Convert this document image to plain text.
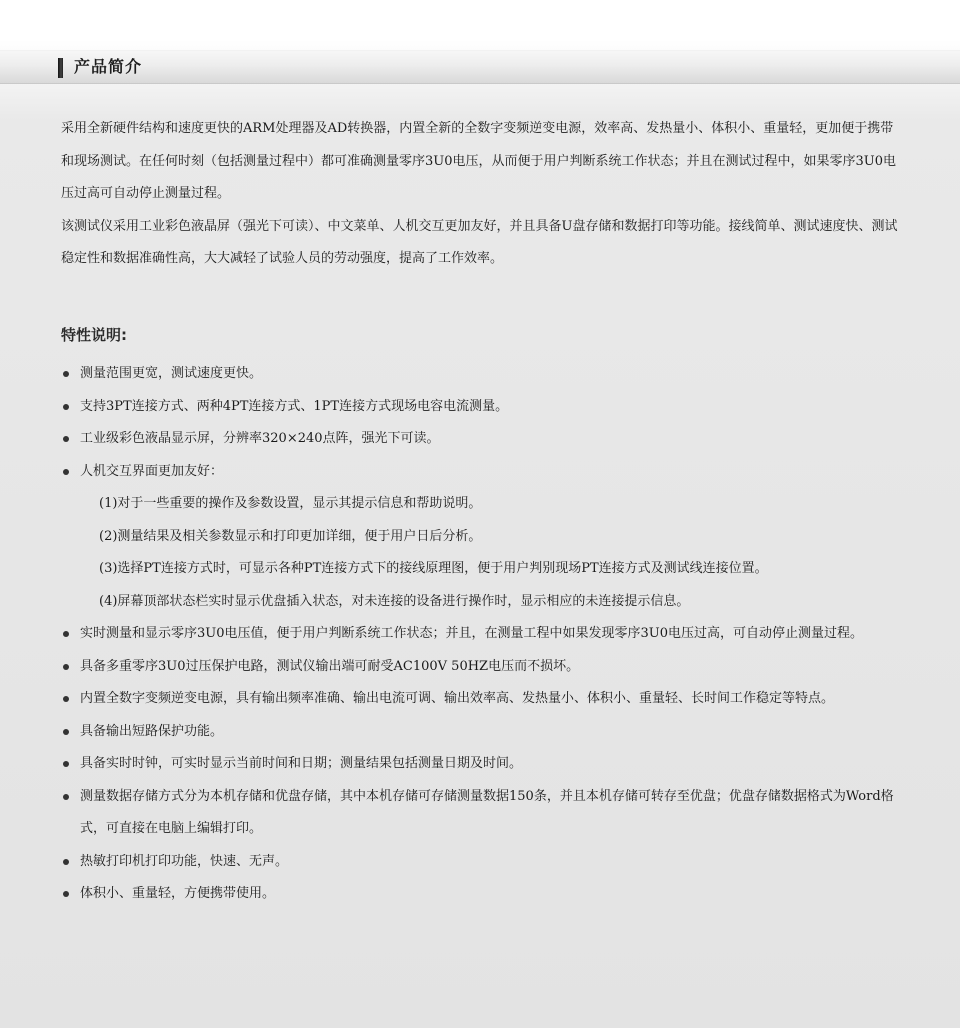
产品简介

采用全新硬件结构和速度更快的ARM处理器及AD转换器，内置全新的全数字变频逆变电源，效率高、发热量小、体积小、重量轻，更加便于携带和现场测试。在任何时刻（包括测量过程中）都可准确测量零序3U0电压，从而便于用户判断系统工作状态；并且在测试过程中，如果零序3U0电压过高可自动停止测量过程。

该测试仪采用工业彩色液晶屏（强光下可读）、中文菜单、人机交互更加友好，并且具备U盘存储和数据打印等功能。接线简单、测试速度快、测试稳定性和数据准确性高，大大减轻了试验人员的劳动强度，提高了工作效率。

特性说明:
测量范围更宽，测试速度更快。
支持3PT连接方式、两种4PT连接方式、1PT连接方式现场电容电流测量。
工业级彩色液晶显示屏，分辨率320×240点阵，强光下可读。
人机交互界面更加友好：
(1)对于一些重要的操作及参数设置，显示其提示信息和帮助说明。
(2)测量结果及相关参数显示和打印更加详细，便于用户日后分析。
(3)选择PT连接方式时，可显示各种PT连接方式下的接线原理图，便于用户判别现场PT连接方式及测试线连接位置。
(4)屏幕顶部状态栏实时显示优盘插入状态，对未连接的设备进行操作时，显示相应的未连接提示信息。
实时测量和显示零序3U0电压值，便于用户判断系统工作状态；并且，在测量工程中如果发现零序3U0电压过高，可自动停止测量过程。
具备多重零序3U0过压保护电路，测试仪输出端可耐受AC100V 50HZ电压而不损坏。
内置全数字变频逆变电源，具有输出频率准确、输出电流可调、输出效率高、发热量小、体积小、重量轻、长时间工作稳定等特点。
具备输出短路保护功能。
具备实时时钟，可实时显示当前时间和日期；测量结果包括测量日期及时间。
测量数据存储方式分为本机存储和优盘存储，其中本机存储可存储测量数据150条，并且本机存储可转存至优盘；优盘存储数据格式为Word格式，可直接在电脑上编辑打印。
热敏打印机打印功能，快速、无声。
体积小、重量轻，方便携带使用。
